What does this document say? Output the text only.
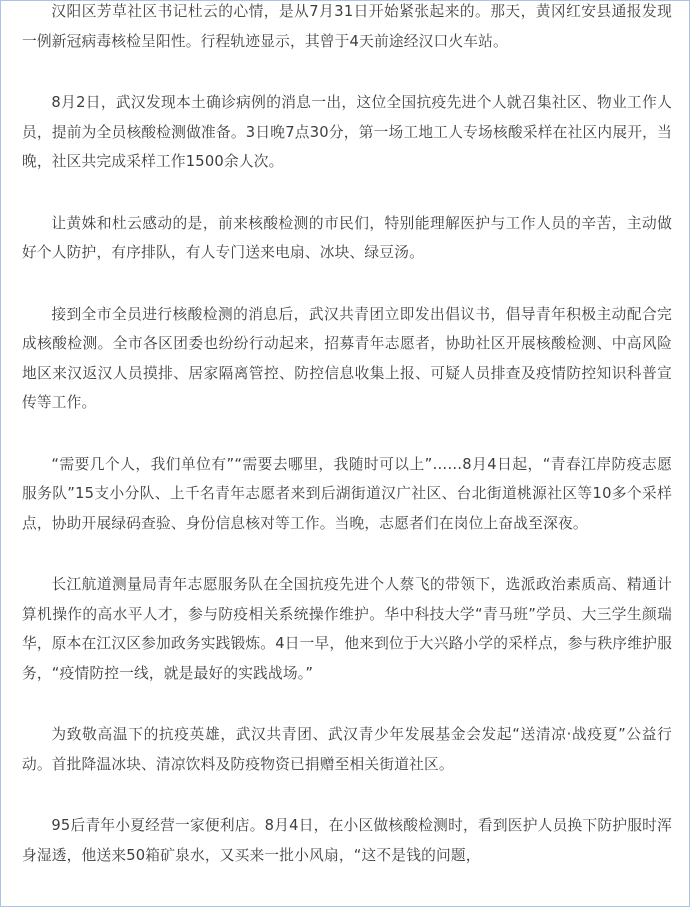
汉阳区芳草社区书记杜云的心情，是从7月31日开始紧张起来的。那天，黄冈红安县通报发现一例新冠病毒核检呈阳性。行程轨迹显示，其曾于4天前途经汉口火车站。

8月2日，武汉发现本土确诊病例的消息一出，这位全国抗疫先进个人就召集社区、物业工作人员，提前为全员核酸检测做准备。3日晚7点30分，第一场工地工人专场核酸采样在社区内展开，当晚，社区共完成采样工作1500余人次。

让黄姝和杜云感动的是，前来核酸检测的市民们，特别能理解医护与工作人员的辛苦，主动做好个人防护，有序排队，有人专门送来电扇、冰块、绿豆汤。

接到全市全员进行核酸检测的消息后，武汉共青团立即发出倡议书，倡导青年积极主动配合完成核酸检测。全市各区团委也纷纷行动起来，招募青年志愿者，协助社区开展核酸检测、中高风险地区来汉返汉人员摸排、居家隔离管控、防控信息收集上报、可疑人员排查及疫情防控知识科普宣传等工作。

“需要几个人，我们单位有”“需要去哪里，我随时可以上”……8月4日起，“青春江岸防疫志愿服务队”15支小分队、上千名青年志愿者来到后湖街道汉广社区、台北街道桃源社区等10多个采样点，协助开展绿码查验、身份信息核对等工作。当晚，志愿者们在岗位上奋战至深夜。

长江航道测量局青年志愿服务队在全国抗疫先进个人蔡飞的带领下，选派政治素质高、精通计算机操作的高水平人才，参与防疫相关系统操作维护。华中科技大学“青马班”学员、大三学生颜瑞华，原本在江汉区参加政务实践锻炼。4日一早，他来到位于大兴路小学的采样点，参与秩序维护服务，“疫情防控一线，就是最好的实践战场。”

为致敬高温下的抗疫英雄，武汉共青团、武汉青少年发展基金会发起“送清凉·战疫夏”公益行动。首批降温冰块、清凉饮料及防疫物资已捐赠至相关街道社区。

95后青年小夏经营一家便利店。8月4日，在小区做核酸检测时，看到医护人员换下防护服时浑身湿透，他送来50箱矿泉水，又买来一批小风扇，“这不是钱的问题，
